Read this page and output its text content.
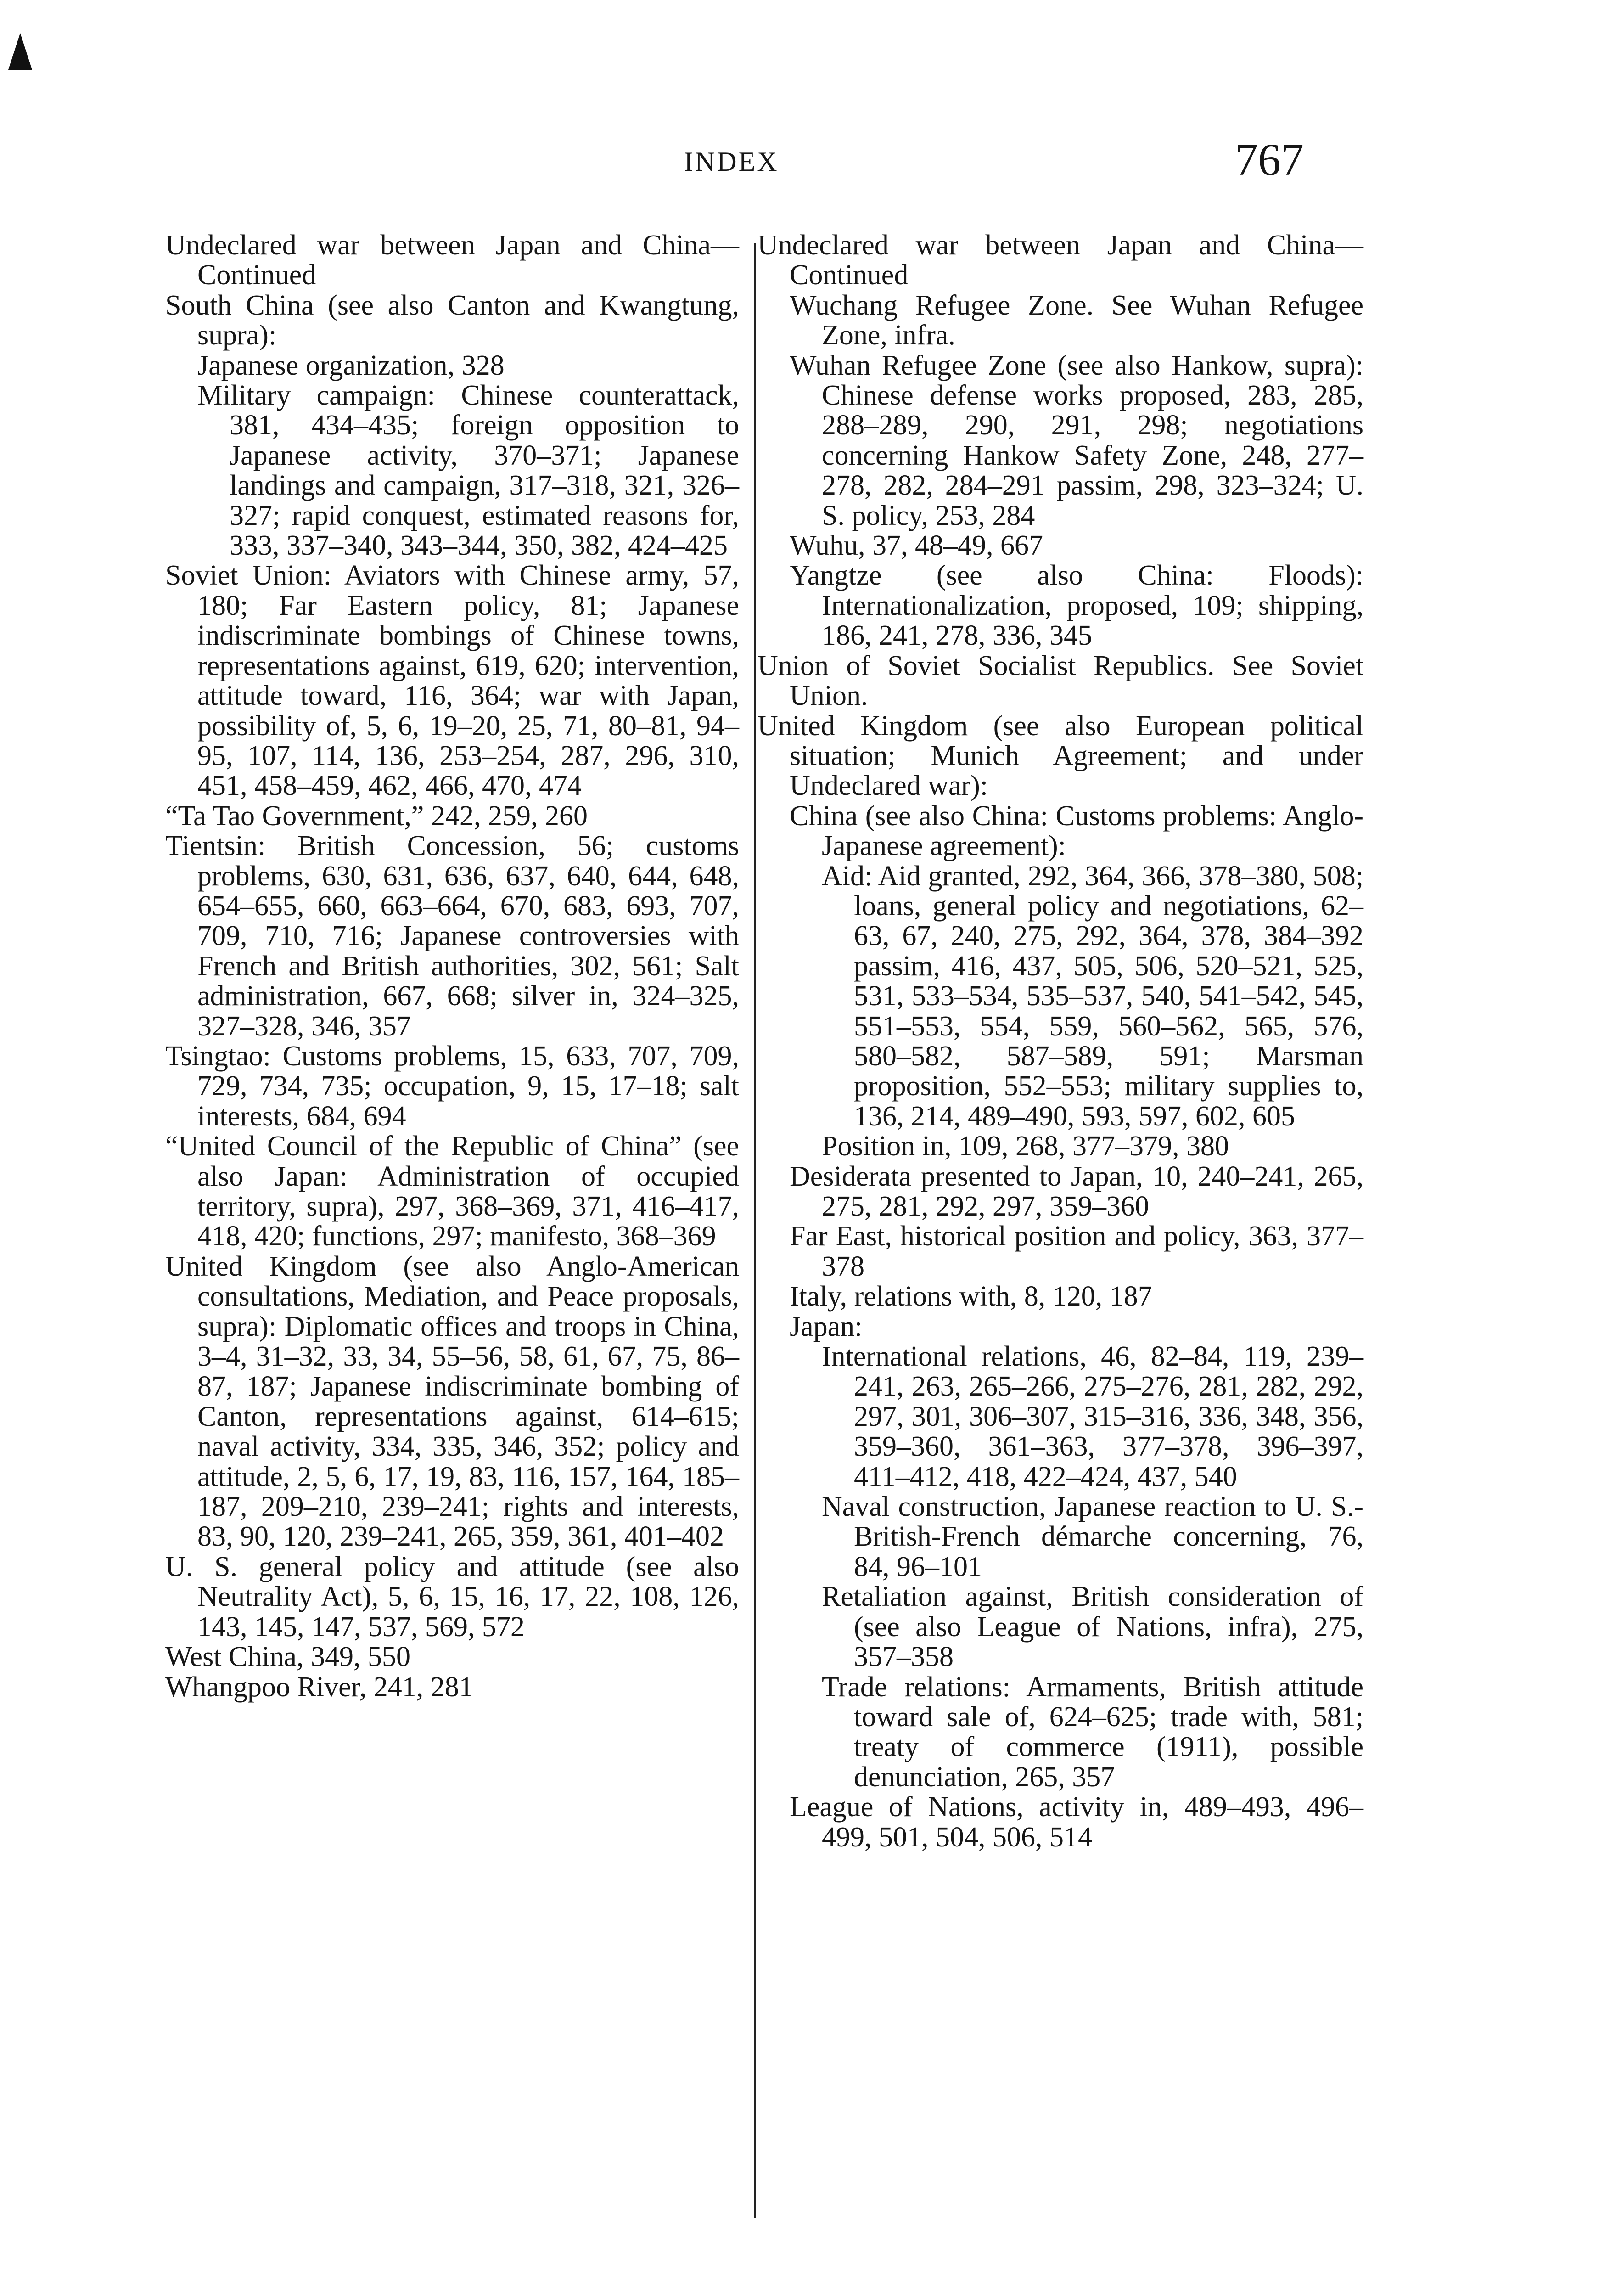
INDEX	767
Undeclared war between Japan and China—Continued
South China (see also Canton and Kwangtung, supra):
Japanese organization, 328
Military campaign: Chinese counterattack, 381, 434–435; foreign opposition to Japanese activity, 370–371; Japanese landings and campaign, 317–318, 321, 326–327; rapid conquest, estimated reasons for, 333, 337–340, 343–344, 350, 382, 424–425
Soviet Union: Aviators with Chinese army, 57, 180; Far Eastern policy, 81; Japanese indiscriminate bombings of Chinese towns, representations against, 619, 620; intervention, attitude toward, 116, 364; war with Japan, possibility of, 5, 6, 19–20, 25, 71, 80–81, 94–95, 107, 114, 136, 253–254, 287, 296, 310, 451, 458–459, 462, 466, 470, 474
“Ta Tao Government,” 242, 259, 260
Tientsin: British Concession, 56; customs problems, 630, 631, 636, 637, 640, 644, 648, 654–655, 660, 663–664, 670, 683, 693, 707, 709, 710, 716; Japanese controversies with French and British authorities, 302, 561; Salt administration, 667, 668; silver in, 324–325, 327–328, 346, 357
Tsingtao: Customs problems, 15, 633, 707, 709, 729, 734, 735; occupation, 9, 15, 17–18; salt interests, 684, 694
“United Council of the Republic of China” (see also Japan: Administration of occupied territory, supra), 297, 368–369, 371, 416–417, 418, 420; functions, 297; manifesto, 368–369
United Kingdom (see also Anglo-American consultations, Mediation, and Peace proposals, supra): Diplomatic offices and troops in China, 3–4, 31–32, 33, 34, 55–56, 58, 61, 67, 75, 86–87, 187; Japanese indiscriminate bombing of Canton, representations against, 614–615; naval activity, 334, 335, 346, 352; policy and attitude, 2, 5, 6, 17, 19, 83, 116, 157, 164, 185–187, 209–210, 239–241; rights and interests, 83, 90, 120, 239–241, 265, 359, 361, 401–402
U. S. general policy and attitude (see also Neutrality Act), 5, 6, 15, 16, 17, 22, 108, 126, 143, 145, 147, 537, 569, 572
West China, 349, 550
Whangpoo River, 241, 281
Undeclared war between Japan and China—Continued
Wuchang Refugee Zone. See Wuhan Refugee Zone, infra.
Wuhan Refugee Zone (see also Hankow, supra): Chinese defense works proposed, 283, 285, 288–289, 290, 291, 298; negotiations concerning Hankow Safety Zone, 248, 277–278, 282, 284–291 passim, 298, 323–324; U. S. policy, 253, 284
Wuhu, 37, 48–49, 667
Yangtze (see also China: Floods): Internationalization, proposed, 109; shipping, 186, 241, 278, 336, 345
Union of Soviet Socialist Republics. See Soviet Union.
United Kingdom (see also European political situation; Munich Agreement; and under Undeclared war):
China (see also China: Customs problems: Anglo-Japanese agreement):
Aid: Aid granted, 292, 364, 366, 378–380, 508; loans, general policy and negotiations, 62–63, 67, 240, 275, 292, 364, 378, 384–392 passim, 416, 437, 505, 506, 520–521, 525, 531, 533–534, 535–537, 540, 541–542, 545, 551–553, 554, 559, 560–562, 565, 576, 580–582, 587–589, 591; Marsman proposition, 552–553; military supplies to, 136, 214, 489–490, 593, 597, 602, 605
Position in, 109, 268, 377–379, 380
Desiderata presented to Japan, 10, 240–241, 265, 275, 281, 292, 297, 359–360
Far East, historical position and policy, 363, 377–378
Italy, relations with, 8, 120, 187
Japan:
International relations, 46, 82–84, 119, 239–241, 263, 265–266, 275–276, 281, 282, 292, 297, 301, 306–307, 315–316, 336, 348, 356, 359–360, 361–363, 377–378, 396–397, 411–412, 418, 422–424, 437, 540
Naval construction, Japanese reaction to U. S.-British-French démarche concerning, 76, 84, 96–101
Retaliation against, British consideration of (see also League of Nations, infra), 275, 357–358
Trade relations: Armaments, British attitude toward sale of, 624–625; trade with, 581; treaty of commerce (1911), possible denunciation, 265, 357
League of Nations, activity in, 489–493, 496–499, 501, 504, 506, 514
